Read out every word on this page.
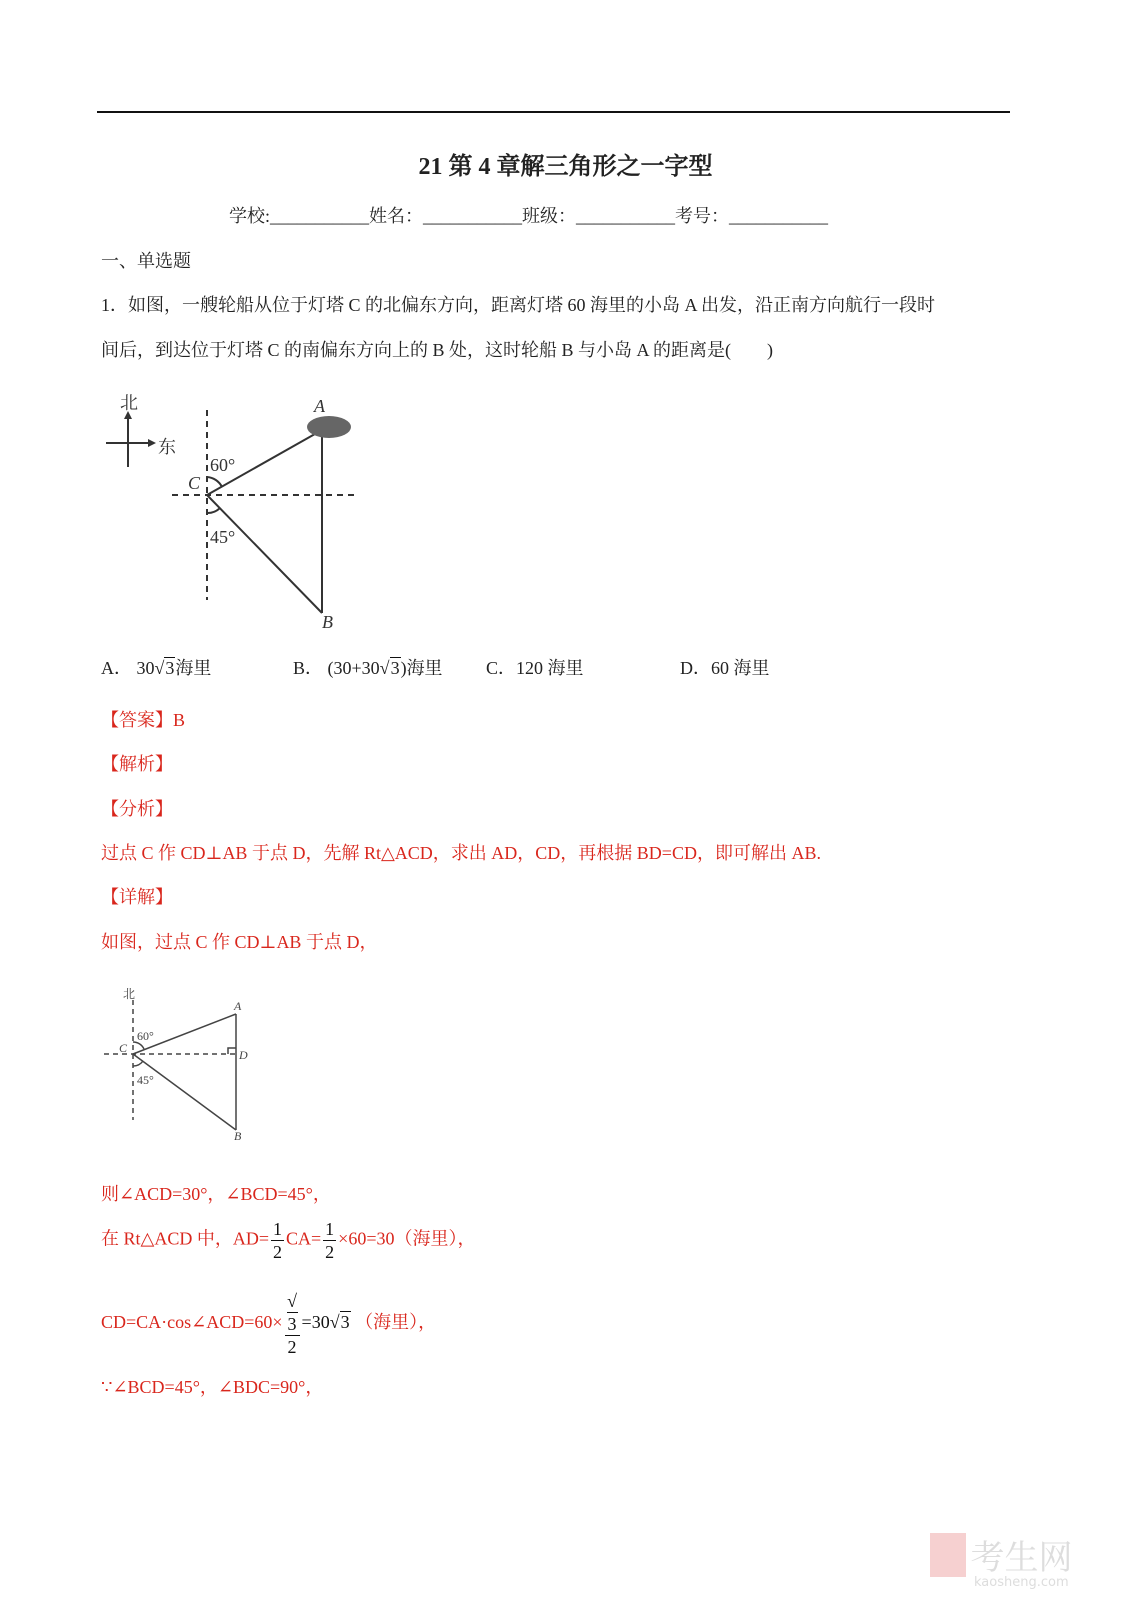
21 第 4 章解三角形之一字型
学校:___________姓名：___________班级：___________考号：___________
一、单选题
1．如图，一艘轮船从位于灯塔 C 的北偏东方向，距离灯塔 60 海里的小岛 A 出发，沿正南方向航行一段时
间后，到达位于灯塔 C 的南偏东方向上的 B 处，这时轮船 B 与小岛 A 的距离是(　　)
北
东
A
B
C
60°
45°
A． 30√3海里	B． (30+30√3)海里 C．120 海里	D．60 海里
【答案】B
【解析】
【分析】
过点 C 作 CD⊥AB 于点 D，先解 Rt△ACD，求出 AD，CD，再根据 BD=CD，即可解出 AB.
【详解】
如图，过点 C 作 CD⊥AB 于点 D，
北
A
B
C	D
60°
45°
则∠ACD=30°，∠BCD=45°，
在 Rt△ACD 中，$AD= \frac{1}{2} CA= \frac{1}{2} \times 60=30$（海里），
CD=CA·cos∠ACD=60× √
3
2 =30√3 （海里），
∵∠BCD=45°，∠BDC=90°，
考生网
kaosheng.com
